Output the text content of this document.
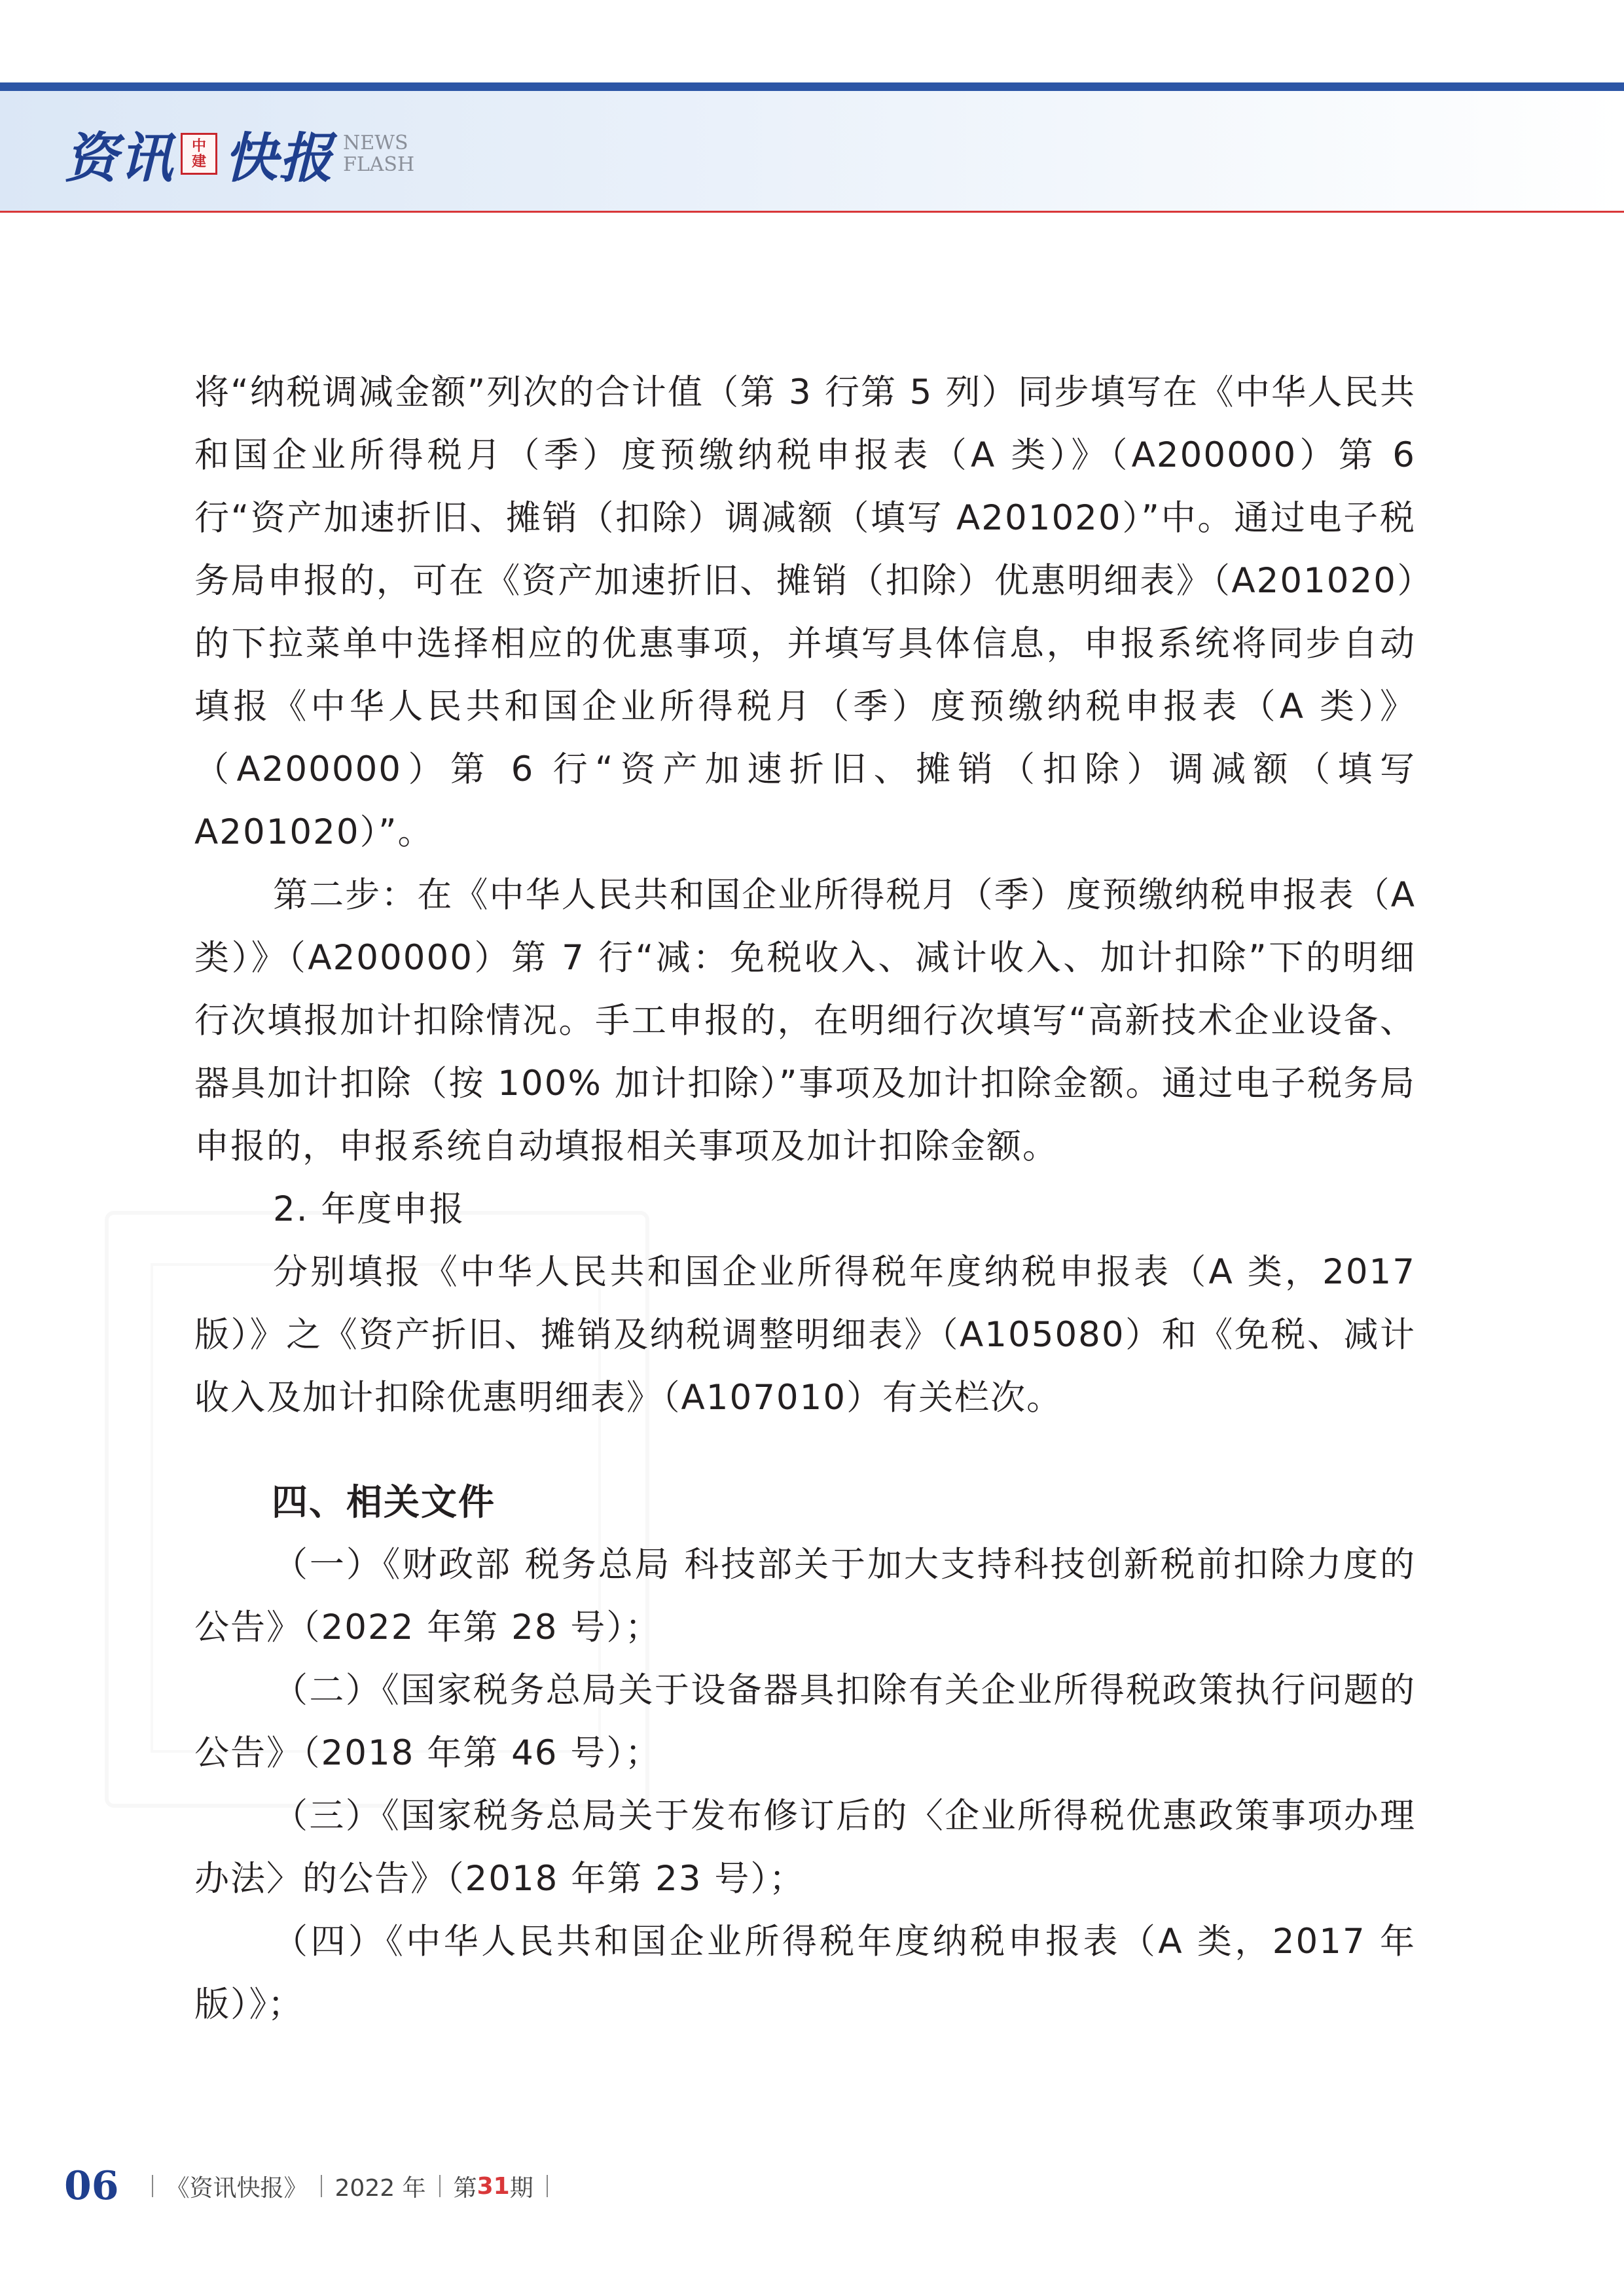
资讯 中
建 快报 NEWS
FLASH

将“纳税调减金额”列次的合计值（第 3 行第 5 列）同步填写在《中华人民共和国企业所得税月（季）度预缴纳税申报表（A 类）》（A200000）第 6 行“资产加速折旧、摊销（扣除）调减额（填写 A201020）”中。通过电子税务局申报的，可在《资产加速折旧、摊销（扣除）优惠明细表》（A201020）的下拉菜单中选择相应的优惠事项，并填写具体信息，申报系统将同步自动填报《中华人民共和国企业所得税月（季）度预缴纳税申报表（A 类）》（A200000）第 6 行“资产加速折旧、摊销（扣除）调减额（填写 A201020）”。

第二步：在《中华人民共和国企业所得税月（季）度预缴纳税申报表（A 类）》（A200000）第 7 行“减：免税收入、减计收入、加计扣除”下的明细行次填报加计扣除情况。手工申报的，在明细行次填写“高新技术企业设备、器具加计扣除（按 100% 加计扣除）”事项及加计扣除金额。通过电子税务局申报的，申报系统自动填报相关事项及加计扣除金额。

2. 年度申报

分别填报《中华人民共和国企业所得税年度纳税申报表（A 类，2017 版）》之《资产折旧、摊销及纳税调整明细表》（A105080）和《免税、减计收入及加计扣除优惠明细表》（A107010）有关栏次。

四、相关文件

（一）《财政部 税务总局 科技部关于加大支持科技创新税前扣除力度的公告》（2022 年第 28 号）；

（二）《国家税务总局关于设备器具扣除有关企业所得税政策执行问题的公告》（2018 年第 46 号）；

（三）《国家税务总局关于发布修订后的〈企业所得税优惠政策事项办理办法〉的公告》（2018 年第 23 号）；

（四）《中华人民共和国企业所得税年度纳税申报表（A 类，2017 年版）》；

06 《资讯快报》 2022 年 第 31 期
